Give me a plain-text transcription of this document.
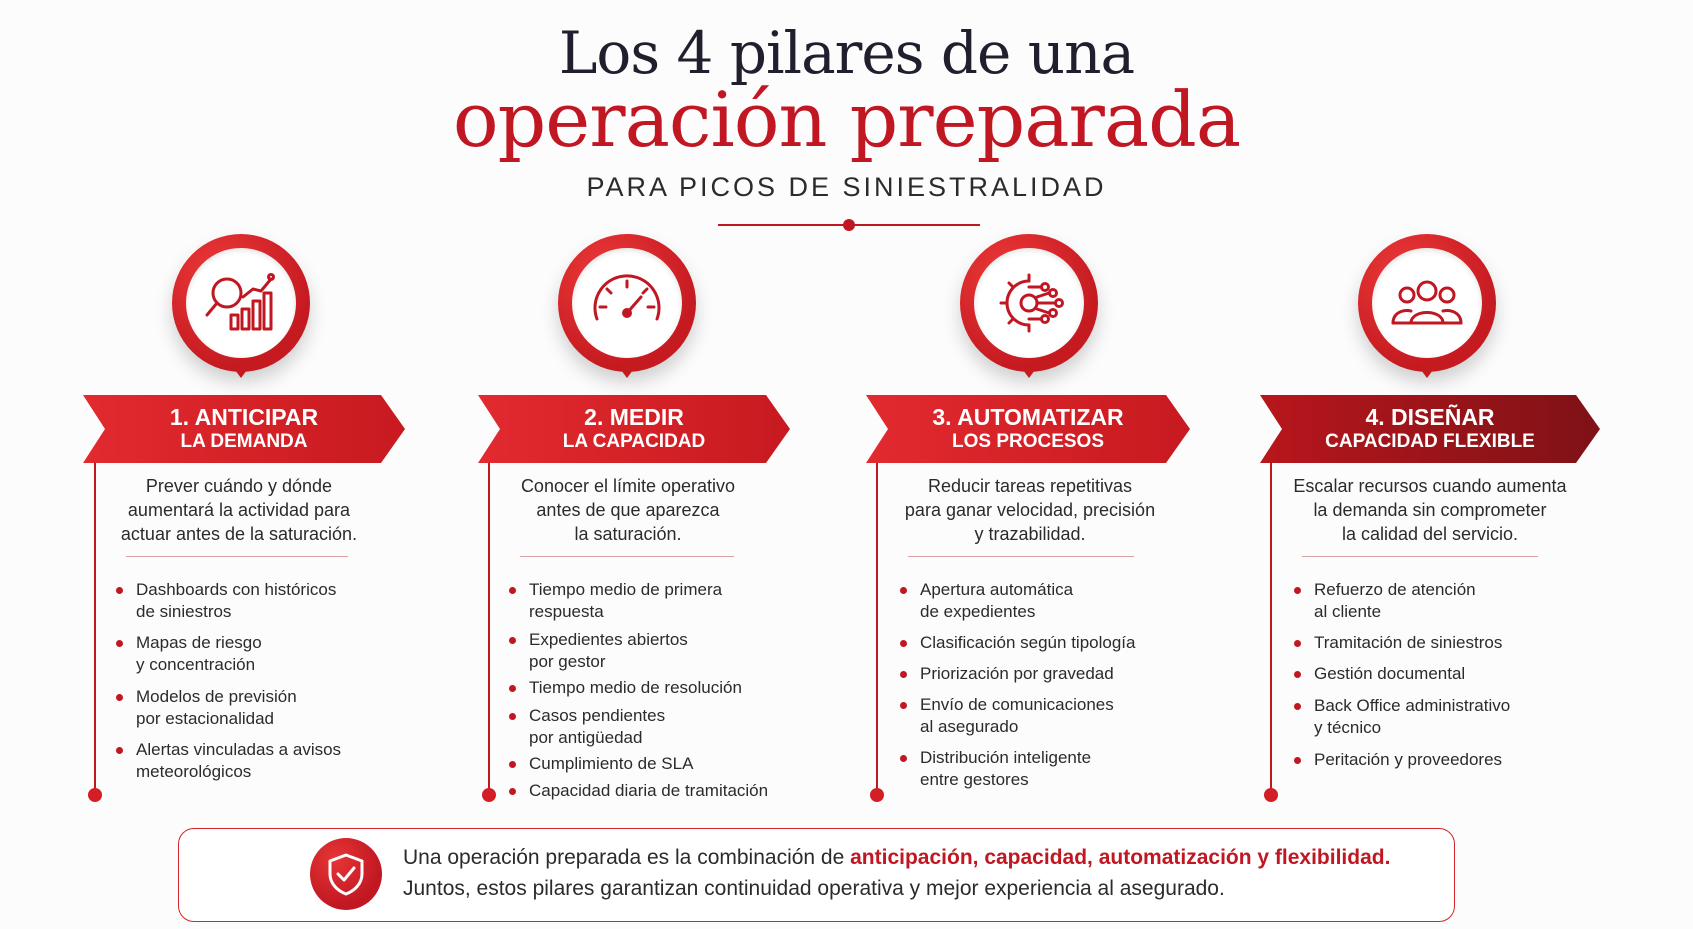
Los 4 pilares de una
operación preparada
PARA PICOS DE SINIESTRALIDAD
1. ANTICIPAR
LA DEMANDA
Prever cuándo y dónde
aumentará la actividad para
actuar antes de la saturación.
Dashboards con históricos
de siniestros
Mapas de riesgo
y concentración
Modelos de previsión
por estacionalidad
Alertas vinculadas a avisos
meteorológicos
2. MEDIR
LA CAPACIDAD
Conocer el límite operativo
antes de que aparezca
la saturación.
Tiempo medio de primera
respuesta
Expedientes abiertos
por gestor
Tiempo medio de resolución
Casos pendientes
por antigüedad
Cumplimiento de SLA
Capacidad diaria de tramitación
3. AUTOMATIZAR
LOS PROCESOS
Reducir tareas repetitivas
para ganar velocidad, precisión
y trazabilidad.
Apertura automática
de expedientes
Clasificación según tipología
Priorización por gravedad
Envío de comunicaciones
al asegurado
Distribución inteligente
entre gestores
4. DISEÑAR
CAPACIDAD FLEXIBLE
Escalar recursos cuando aumenta
la demanda sin comprometer
la calidad del servicio.
Refuerzo de atención
al cliente
Tramitación de siniestros
Gestión documental
Back Office administrativo
y técnico
Peritación y proveedores
Una operación preparada es la combinación de anticipación, capacidad, automatización y flexibilidad. Juntos, estos pilares garantizan continuidad operativa y mejor experiencia al asegurado.
